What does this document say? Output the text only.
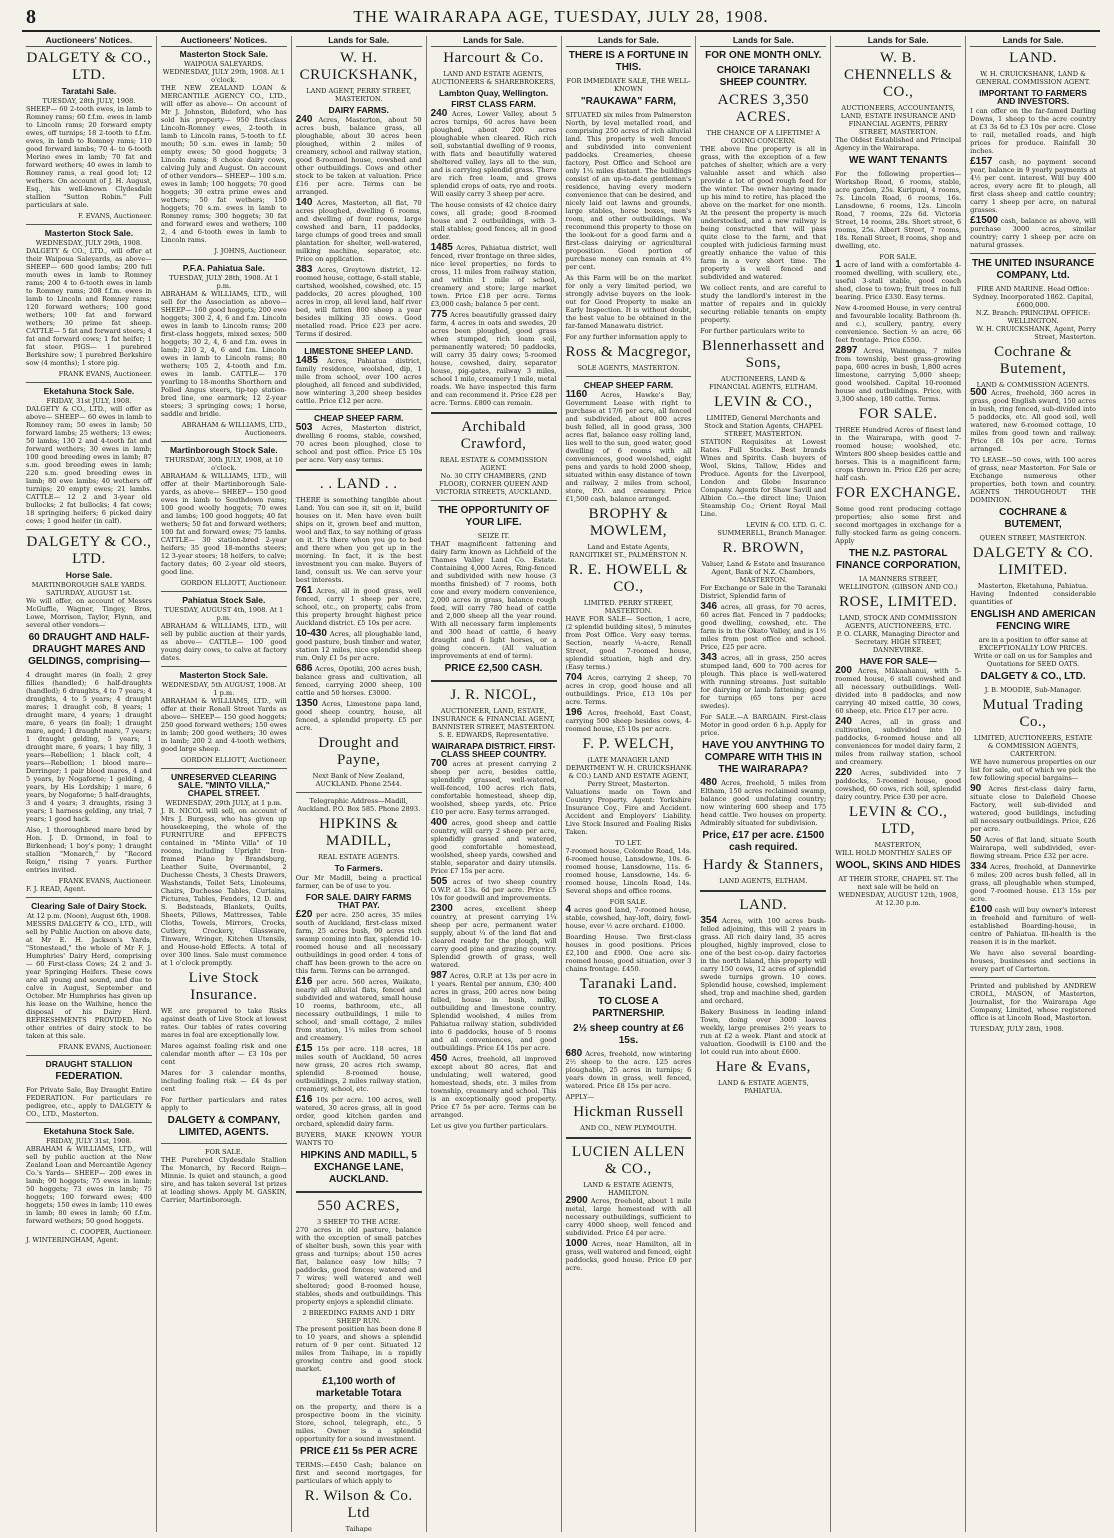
8	THE WAIRARAPA AGE, TUESDAY, JULY 28, 1908.
Auctioneers' Notices.
DALGETY & CO., LTD.
Taratahi Sale.
TUESDAY, 28th JULY, 1908.

SHEEP— 60 2-tooth ewes, in lamb to Romney rams; 60 f.f.m. ewes in lamb to Lincoln rams; 20 forward empty ewes, off turnips; 18 2-tooth to f.f.m. ewes, in lamb to Romney rams; 110 good forward lambs; 70 4- to 6-tooth Merino ewes in lamb; 70 fat and forward wethers; 40 ewes in lamb to Romney rams, a real good lot; 12 wethers. On account of J. H. August, Esq., his well-known Clydesdale stallion "Sutton Robin." Full particulars at sale.

F. EVANS, Auctioneer.
Masterton Stock Sale.
WEDNESDAY, JULY 29th, 1908.

DALGETY & CO., LTD., will offer at their Waipoua Saleyards, as above— SHEEP— 600 good lambs; 200 full mouth ewes in lamb to Romney rams; 200 4 to 6-tooth ewes in lamb to Romney rams; 208 f.f.m. ewes in lamb to Lincoln and Romney rams; 120 forward wethers; 100 good wethers; 100 fat and forward wethers; 30 prime fat sheep. CATTLE— 5 fat and forward steers; 4 fat and forward cows; 1 fat heifer; 1 fat steer. PIGS— 1 purebred Berkshire sow; 1 purebred Berkshire sow (4 months); 1 store pig.

FRANK EVANS, Auctioneer.
Eketahuna Stock Sale.
FRIDAY, 31st JULY, 1908.

DALGETY & CO., LTD., will offer as above— SHEEP— 60 ewes in lamb to Romney ram; 50 ewes in lamb; 50 forward lambs; 25 wethers; 13 ewes; 50 lambs; 130 2 and 4-tooth fat and forward wethers; 30 ewes in lamb; 100 good breeding ewes in lamb; 87 s.m. good breeding ewes in lamb; 220 s.m. good breeding ewes in lamb; 80 ewe lambs; 40 wethers off turnips; 20 empty ewes; 21 lambs. CATTLE— 12 2 and 3-year old bullocks; 2 fat bullocks; 4 fat cows; 18 springing heifers; 6 picked dairy cows; 1 good heifer (in calf).

DALGETY & CO., LTD.
Horse Sale.
MARTINBOROUGH SALE YARDS. SATURDAY, AUGUST 1st.

We will offer, on account of Messrs McGuffie, Wagner, Tingey, Bros, Lowe, Morrison, Taylor, Flynn, and several other vendors—

60 DRAUGHT AND HALF-DRAUGHT MARES AND GELDINGS, comprising—

4 draught mares (in foal); 2 grey fillies (handled); 6 half-draughts (handled); 6 draughts, 4 to 7 years; 4 draughts, 4 to 5 years; 4 draught mares; 1 draught cob, 8 years; 1 draught mare, 4 years; 1 draught mare, 6 years (in foal); 1 draught mare, aged; 1 draught mare, 7 years; 1 draught gelding, 5 years; 1 draught mare, 6 years; 1 bay filly, 3 years—Rebellion; 1 black colt, 4 years—Rebellion; 1 blood mare—Derringer; 1 pair blood mares, 4 and 5 years, by Nogaforne; 1 gelding, 4 years, by His Lordship; 1 mare, 6 years, by Nogaforne; 5 half-draughts, 3 and 4 years; 3 draughts, rising 3 years; 1 harness gelding, any trial, 7 years; 1 good hack.

Also, 1 thoroughbred mare bred by Hon. J. D. Ormond, in foal to Birkenhead; 1 boy's pony; 1 draught stallion "Monarch," by "Record Reign," rising 7 years. Further entries invited.

FRANK EVANS, Auctioneer.

F. J. READ, Agent.

Clearing Sale of Dairy Stock.
At 12 p.m. (Noon), August 6th, 1908.

MESSRS DALGETY & CO., LTD., will sell by Public Auction on above date, at Mr E. H. Jackson's Yards, "Stonestead," the whole of Mr F. J. Humphries' Dairy Herd, comprising— 60 First-class Cows; 24 2 and 3-year Springing Heifers. These cows are all young and sound, and due to calve in August, September and October. Mr Humphries has given up his lease on the Waihine, hence the disposal of his Dairy Herd. REFRESHMENTS PROVIDED. No other entries of dairy stock to be taken at this sale.

FRANK EVANS, Auctioneer.
DRAUGHT STALLION
FEDERATION.

For Private Sale, Bay Draught Entire FEDERATION. For particulars re pedigree, etc., apply to DALGETY & CO., LTD., Masterton.

Eketahuna Stock Sale.
FRIDAY, JULY 31st, 1908.

ABRAHAM & WILLIAMS, LTD., will sell by public auction at the New Zealand Loan and Mercantile Agency Co.'s Yards— SHEEP— 200 ewes in lamb; 90 hoggets; 75 ewes in lamb; 50 hoggets; 73 ewes in lamb; 75 hoggets; 100 forward ewes; 400 hoggets; 150 ewes in lamb; 110 ewes in lamb; 80 ewes in lamb; 60 f.f.m. forward wethers; 50 good hoggets.

C. COOPER, Auctioneer.

J. WINTERINGHAM, Agent.

Auctioneers' Notices.
Masterton Stock Sale.
WAIPOUA SALEYARDS. WEDNESDAY, JULY 29th, 1908. At 1 o'clock.

THE NEW ZEALAND LOAN & MERCANTILE AGENCY CO., LTD., will offer as above— On account of Mr J. Johnston, Bideford, who has sold his property— 950 first-class Lincoln-Romney ewes, 2-tooth in lamb to Lincoln rams, 5-tooth to f.f. mouth; 50 s.m. ewes in lamb; 50 empty ewes; 50 good hoggets; 3 Lincoln rams; 8 choice dairy cows, calving July and August. On account of other vendors— SHEEP— 100 s.m. ewes in lamb; 100 hoggets; 70 good hoggets; 30 extra prime ewes and wethers; 50 fat wethers; 150 hoggets; 70 s.m. ewes in lamb to Romney rams; 300 hoggets; 30 fat and forward ewes and wethers; 100 2, 4 and 6-tooth ewes in lamb to Lincoln rams.

J. JOHNS, Auctioneer.
P.F.A. Pahiatua Sale.
TUESDAY, JULY 28th, 1908. At 1 p.m.

ABRAHAM & WILLIAMS, LTD., will sell for the Association as above— SHEEP— 160 good hoggets; 200 ewe hoggets; 300 2, 4, 6 and f.m. Lincoln ewes in lamb to Lincoln rams; 200 first-class hoggets, mixed sexes; 500 hoggets; 30 2, 4, 6 and f.m. ewes in lamb; 210 2, 4, 6 and f.m. Lincoln ewes in lamb to Lincoln rams; 80 wethers; 105 2, 4-tooth and f.m. ewes in lamb. CATTLE— 170 yearling to 18-months Shorthorn and Polled Angus steers, tip-top station-bred line, one earmark; 12 2-year steers; 3 springing cows; 1 horse, saddle and bridle.

ABRAHAM & WILLIAMS, LTD., Auctioneers.
Martinborough Stock Sale.
THURSDAY, 30th JULY, 1908, at 10 o'clock.

ABRAHAM & WILLIAMS, LTD., will offer at their Martinborough Sale-yards, as above— SHEEP— 150 good ewes in lamb to Southdown rams; 100 good woolly hoggets; 70 ewes and lambs; 100 good hoggets; 40 fat wethers; 50 fat and forward wethers; 100 fat and forward ewes; 75 lambs. CATTLE— 30 station-bred 2-year heifers; 35 good 18-months steers; 12 3-year steers; 18 heifers, to calve; factory dates; 60 2-year old steers, good line.

GORDON ELLIOTT, Auctioneer.
Pahiatua Stock Sale.
TUESDAY, AUGUST 4th, 1908. At 1 p.m.

ABRAHAM & WILLIAMS, LTD., will sell by public auction at their yards, as above— CATTLE— 100 good young dairy cows, to calve at factory dates.

Masterton Stock Sale.
WEDNESDAY, 5th AUGUST, 1908. At 1 p.m.

ABRAHAM & WILLIAMS, LTD., will offer at their Renall Street Yards as above— SHEEP— 150 good hoggets; 250 good forward wethers; 150 ewes in lamb; 200 good wethers; 30 ewes in lamb; 200 2 and 4-tooth wethers, good large sheep.

GORDON ELLIOTT, Auctioneer.
UNRESERVED CLEARING SALE. "MINTO VILLA," CHAPEL STREET.
WEDNESDAY, 29th JULY, at 1 p.m.

J. R. NICOL will sell, on account of Mrs J. Burgess, who has given up housekeeping, the whole of the FURNITURE and EFFECTS contained in "Minto Villa" of 10 rooms, including Upright Iron-framed Piano by Brandsburg, Leather Suite, Overmantel, 2 Duchesse Chests, 3 Chests Drawers, Washstands, Toilet Sets, Linoleums, Chairs, Duchesse Tables, Curtains, Pictures, Tables, Fenders, 12 D. and S. Bedsteads, Blankets, Quilts, Sheets, Pillows, Mattresses, Table Cloths, Towels, Mirrors, Crocks, Cutlery, Crockery, Glassware, Tinware, Wringer, Kitchen Utensils, and House-hold Effects. A total of over 300 lines. Sale must commence at 1 o'clock promptly.

Live Stock Insurance.

WE are prepared to take Risks against death of Live Stock at lowest rates. Our tables of rates covering mares in foal are exceptionally low.

Mares against foaling risk and one calendar month after — £3 10s per cent

Mares for 3 calendar months, including foaling risk — £4 4s per cent

For further particulars and rates apply to

DALGETY & COMPANY, LIMITED, AGENTS.
FOR SALE.

THE Purebred Clydesdale Stallion The Monarch, by Record Reign—Minnie. Is quiet and staunch, a good sire, and has taken several 1st prizes at leading shows. Apply M. GASKIN, Carrier, Martinborough.

Lands for Sale.
W. H. CRUICKSHANK,
LAND AGENT, PERRY STREET, MASTERTON.
DAIRY FARMS.

240 Acres, Masterton, about 50 acres bush, balance grass, all ploughable, about 30 acres been ploughed, within 2 miles of creamery, school and railway station, good 8-roomed house, cowshed and other outbuildings. Cows and other stock to be taken at valuation. Price £16 per acre. Terms can be arranged.

140 Acres, Masterton, all flat, 70 acres ploughed, dwelling 6 rooms, and dwelling of four rooms, large cowshed and barn, 11 paddocks, large clumps of good trees and small plantation for shelter, well-watered, milking machine, separator, etc. Price on application.

383 Acres, Greytown district, 12-roomed house, cottage, 6-stall stable, cartshed, woolshed, cowshed, etc. 15 paddocks, 20 acres ploughed, 100 acres in crop, all level land, half river bed, will fatten 800 sheep a year besides milking 35 cows. Good metalled road. Price £23 per acre. Terms if desired.

LIMESTONE SHEEP LAND.

1485 Acres, Pahiatua district, family residence, woolshed, dip, 1 mile from school, over 100 acres ploughed, all fenced and subdivided, now wintering 3,200 sheep besides cattle. Price £12 per acre.

CHEAP SHEEP FARM.

503 Acres, Masterton district, dwelling 6 rooms, stable, cowshed, 70 acres been ploughed, close to school and post office. Price £5 10s per acre. Very easy terms.

. . LAND . .

THERE is something tangible about Land. You can see it, sit on it, build houses on it. Men have even built ships on it, grown beef and mutton, wool and flax, to say nothing of grass on it. It's there when you go to bed and there when you get up in the morning. In fact, it is the best investment you can make. Buyers of land, consult us. We can serve your best interests.

761 Acres, all in good grass, well fenced, carry 1 sheep per acre, school, etc., on property, cabs from this property brought highest price Auckland district. £5 10s per acre.

10-430 Acres, all ploughable land, good pasture, bush timber and water, station 12 miles, nice splendid sheep run. Only £1 5s per acre.

686 Acres, Opotiki, 200 acres bush, balance grass and cultivation, all fenced, carrying 2000 sheep, 100 cattle and 50 horses. £3000.

1350 Acres, Limestone papa land, good sheep country, house, all fenced, a splendid property. £5 per acre.

Drought and Payne,
Next Bank of New Zealand, AUCKLAND. Phone 2544.
Telegraphic Address—Madill, Auckland. P.O. Box 585. Phone 2893.
HIPKINS & MADILL,
REAL ESTATE AGENTS.
To Farmers.

Our Mr Madill, being a practical farmer, can be of use to you.

FOR SALE. DAIRY FARMS THAT PAY.

£20 per acre. 250 acres, 35 miles south of Auckland, first-class mixed farm, 25 acres bush, 90 acres rich swamp coming into flax, splendid 10-roomed house and all necessary outbuildings in good order. 4 tons of chaff has been grown to the acre on this farm. Terms can be arranged.

£16 per acre. 560 acres, Waikato, nearly all alluvial flats, fenced and subdivided and watered, small house 10 rooms, bathroom, etc., all necessary outbuildings, 1 mile to school, and small cottage, 2 miles from station, 1¼ miles from school and creamery.

£15 15s per acre. 118 acres, 18 miles south of Auckland, 50 acres new grass, 20 acres rich swamp, splendid 8-roomed house, outbuildings, 2 miles railway station, creamery, school, etc.

£16 10s per acre. 100 acres, well watered, 30 acres grass, all in good order, good kitchen garden and orchard, splendid dairy farm.

BUYERS, MAKE KNOWN YOUR WANTS TO

HIPKINS AND MADILL, 5 EXCHANGE LANE, AUCKLAND.
550 ACRES,
3 SHEEP TO THE ACRE.

270 acres in old pasture, balance with the exception of small patches of shelter bush, sown this year with grass and turnips; about 150 acres flat, balance easy low hills; 7 paddocks, good fences; watered and 7 wires; well watered and well sheltered; good 8-roomed house, stables, sheds and outbuildings. This property enjoys a splendid climate.

2 BREEDING FARMS AND 1 DRY SHEEP RUN.

The present position has been done 8 to 10 years, and shows a splendid return of 9 per cent. Situated 12 miles from Taihape, in a rapidly growing centre and good stock market.

£1,100 worth of marketable Totara

on the property, and there is a prospective boom in the vicinity. Store, school, telegraph, etc., 5 miles. Owner is a splendid opportunity for a sound investment.

PRICE £11 5s PER ACRE

TERMS:—£450 Cash; balance on first and second mortgages, for particulars of which apply to

R. Wilson & Co. Ltd
Taihape
Lands for Sale.
Harcourt & Co.
LAND AND ESTATE AGENTS, AUCTIONEERS & SHAREBROKERS,
Lambton Quay, Wellington.
FIRST CLASS FARM.

240 Acres, Lower Valley, about 5 acres turnips, 60 acres have been ploughed, about 200 acres ploughable when cleared. Rich rich soil, substantial dwelling of 9 rooms, with flats and beautifully watered sheltered valley, lays all to the sun, and is carrying splendid grass. There are rich free loam, and grows splendid crops of oats, rye and roots. Will easily carry 3 sheep per acre.

The house consists of 42 choice dairy cows, all grade; good 8-roomed house and 2 outbuildings, with 3-stall stables; good fences, all in good order.

1485 Acres, Pahiatua district, well fenced, river frontage on three sides, nice level properties, no fords to cross, 11 miles from railway station, and within 1 mile of school, creamery and store; large market town. Price £18 per acre. Terms £3,000 cash; balance 5 per cent.

775 Acres beautifully grassed dairy farm, 4 acres in oats and swedes, 20 acres been ploughed, good grass when stumped, rich loam soil, permanently watered; 50 paddocks, will carry 35 dairy cows; 5-roomed house, cowshed, dairy, separator house, pig-gates, railway 3 miles, school 1 mile, creamery 1 mile, metal roads. We have inspected this farm and can recommend it. Price £28 per acre. Terms. £800 can remain.

Archibald Crawford,
REAL ESTATE & COMMISSION AGENT.
No. 30 CITY CHAMBERS, (2ND FLOOR), CORNER QUEEN AND VICTORIA STREETS, AUCKLAND.
THE OPPORTUNITY OF YOUR LIFE.
SEIZE IT.

THAT magnificent fattening and dairy farm known as Lichfield of the Thames Valley Land Co. Estate. Containing 4,000 Acres, Ring-fenced and subdivided with new house (3 months finished) of 7 rooms, both cow and every modern convenience, 2,000 acres in grass, balance rough feed, will carry 780 head of cattle and 2,000 sheep all the year round. With all necessary farm implements and 300 head of cattle, 6 heavy draught and 6 light horses, or a going concern. (All valuation improvements at end of term).

PRICE £2,500 CASH.
J. R. NICOL,
AUCTIONEER, LAND, ESTATE, INSURANCE & FINANCIAL AGENT, BANNISTER STREET, MASTERTON.
S. E. EDWARDS, Representative.
WAIRARAPA DISTRICT. FIRST-CLASS SHEEP COUNTRY.

700 acres at present carrying 2 sheep per acre, besides cattle, splendidly grassed, well-watered, well-fenced, 100 acres rich flats, comfortable homestead, sheep dip, woolshed, sheep yards, etc. Price £10 per acre. Easy terms arranged.

400 acres, good sheep and cattle country, will carry 2 sheep per acre, splendidly grassed and watered, good comfortable homestead, woolshed, sheep yards, cowshed and stable, separator and dairy utensils. Price £7 15s per acre.

505 acres of two sheep country O.W.P. at 13s. 6d per acre. Price £5 10s for goodwill and improvements.

2300 acres, excellent sheep country, at present carrying 1¼ sheep per acre, permanent water supply, about ¼ of the land flat and cleared ready for the plough, will carry good pine and grazing country. Splendid growth of grass, well watered.

987 Acres, O.R.P. at 13s per acre in 1 years. Rental per annum, £30; 400 acres in grass, 200 acres now being felled, house in bush, milky, outbuilding and limestone country. Splendid woolshed, 4 miles from Pahiatua railway station, subdivided into 6 paddocks, house of 5 rooms and all conveniences, and good outbuildings. Price £4 15s per acre.

450 Acres, freehold, all improved except about 80 acres, flat and undulating, well watered, good homestead, sheds, etc. 3 miles from township, creamery and school. This is an exceptionally good property. Price £7 5s per acre. Terms can be arranged.

Let us give you further particulars.

Lands for Sale.
THERE IS A FORTUNE IN THIS.
FOR IMMEDIATE SALE, THE WELL-KNOWN
"RAUKAWA" FARM,

SITUATED six miles from Palmerston North, by level metalled road, and comprising 250 acres of rich alluvial land. This property is well fenced and subdivided into convenient paddocks. Creameries, cheese factory, Post Office and School are only 1¼ miles distant. The buildings consist of an up-to-date gentleman's residence, having every modern convenience that can be desired, and nicely laid out lawns and grounds, large stables, horse boxes, men's room, and other outbuildings. We recommend this property to those on the look-out for a good farm and a first-class dairying or agricultural proposition. Good portion of purchase money can remain at 4½ per cent.

As this Farm will be on the market for only a very limited period, we strongly advise buyers on the look-out for Good Property to make an Early Inspection. It is without doubt, the best value to be obtained in the far-famed Manawatu district.

For any further information apply to

Ross & Macgregor,
SOLE AGENTS, MASTERTON.
CHEAP SHEEP FARM.

1160 Acres, Hawke's Bay, Government Lease with right to purchase at 17/6 per acre, all fenced and subdivided, about 800 acres bush felled, all in good grass, 300 acres flat, balance easy rolling land, lies well to the sun, good water, good dwelling of 6 rooms with all conveniences, good woolshed, eight pens and yards to hold 2000 sheep, situated within easy distance of town and railway, 2 miles from school, store, P.O. and creamery. Price £1,500 cash, balance arranged.

BROPHY & MOWLEM,
Land and Estate Agents, RANGITIKEI ST., PALMERSTON N.
R. E. HOWELL & CO.,
LIMITED. PERRY STREET, MASTERTON.

HAVE FOR SALE— Section, 1 acre, (2 splendid building sites), 5 minutes from Post Office. Very easy terms. Section, nearly ¼-acre, Renall Street, good 7-roomed house, splendid situation, high and dry. (Easy terms.)

704 Acres, carrying 2 sheep, 70 acres in crop, good house and all outbuildings. Price, £13 10s per acre. Terms.

196 Acres, freehold, East Coast, carrying 500 sheep besides cows, 4-roomed house, £5 10s per acre.

F. P. WELCH,
(LATE MANAGER LAND DEPARTMENT W. H. CRUICKSHANK & CO.) LAND AND ESTATE AGENT, Perry Street, Masterton.

Valuations made on Town and Country Property. Agent: Yorkshire Insurance Coy., Fire and Accident. Accident and Employers' Liability. Live Stock Insured and Foaling Risks Taken.

TO LET.

7-roomed house, Colombo Road, 14s. 6-roomed house, Lansdowne, 10s. 6-roomed house, Lansdowne, 11s. 6-roomed house, Lansdowne, 14s. 6-roomed house, Lincoln Road, 14s. Several shops and office rooms.

FOR SALE.

4 acres good land, 7-roomed house, stable, cowshed, hay-loft, dairy, fowl-house, ever ½ acre orchard. £1000.

Boarding House. Two first-class houses in good positions. Prices £2,100 and £900. One acre six-roomed house, good situation, over 3 chains frontage. £450.

Taranaki Land.
TO CLOSE A PARTNERSHIP.
2½ sheep country at £6 15s.

680 Acres, freehold, now wintering 2½ sheep to the acre. 125 acres ploughable, 25 acres in turnips; 6 years down in grass, well fenced, watered. Price £8 15s per acre.

APPLY—

Hickman Russell
AND CO., NEW PLYMOUTH.
LUCIEN ALLEN & CO.,
LAND & ESTATE AGENTS, HAMILTON.

2900 Acres, freehold, about 1 mile metal, large homestead with all necessary outbuildings, sufficient to carry 4000 sheep, well fenced and subdivided. Price £4 per acre.

1000 Acres, near Hamilton, all in grass, well watered and fenced, eight paddocks, good house. Price £9 per acre.

Lands for Sale.
FOR ONE MONTH ONLY.
CHOICE TARANAKI SHEEP COUNTRY.
ACRES 3,350 ACRES.
THE CHANCE OF A LIFETIME! A GOING CONCERN.

THE above fine property is all in grass, with the exception of a few patches of shelter, which are a very valuable asset and which also provide a lot of good rough feed for the winter. The owner having made up his mind to retire, has placed the above on the market for one month. At the present the property is much understocked, and a new railway is being constructed that will pass quite close to the farm, and that coupled with judicious farming must greatly enhance the value of this farm in a very short time. The property is well fenced and subdivided and watered.

We collect rents, and are careful to study the landlord's interest in the matter of repairs and in quickly securing reliable tenants on empty property.

For further particulars write to

Blennerhassett and Sons,
AUCTIONEERS, LAND & FINANCIAL AGENTS, ELTHAM.
LEVIN & CO.,
LIMITED, General Merchants and Stock and Station Agents, CHAPEL STREET, MASTERTON.

STATION Requisites at Lowest Rates. Full Stocks. Best brands Wines and Spirits. Cash buyers of Wool, Skins, Tallow, Hides and Produce. Agents for the Liverpool, London and Globe Insurance Company. Agents for Shaw Savill and Albion Co.—the direct line; Union Steamship Co.; Orient Royal Mail Line.

LEVIN & CO. LTD. G. C. SUMMERELL, Branch Manager.
R. BROWN,
Valuer, Land & Estate and Insurance Agent, Bank of N.Z. Chambers, MASTERTON.

For Exchange or Sale in the Taranaki District, Splendid farm of

346 acres, all grass, for 70 acres, 60 acres flat. Fenced in 7 paddocks; good dwelling, cowshed, etc. The farm is in the Okato Valley, and is 1½ miles from post office and school. Price, £25 per acre.

343 acres, all in grass, 250 acres stumped land, 600 to 700 acres for plough. This place is well-watered with running streams. Just suitable for dairying or lamb fattening; good for turnips (65 tons per acre swedes).

For SALE.—A BARGAIN. First-class Motor in good order. 6 h.p. Apply for price.

HAVE YOU ANYTHING TO COMPARE WITH THIS IN THE WAIRARAPA?

480 Acres, freehold, 5 miles from Eltham, 150 acres reclaimed swamp, balance good undulating country; now wintering 600 sheep and 175 head cattle. Two houses on property. Admirably situated for subdivision.

Price, £17 per acre. £1500 cash required.
Hardy & Stanners,
LAND AGENTS, ELTHAM.
LAND.

354 Acres, with 100 acres bush-felled adjoining, this will 2 years in grass. All rich dairy land, 35 acres ploughed, highly improved, close to one of the best co-op. dairy factories in the north Island, this property will carry 150 cows, 12 acres of splendid swede turnips grown. 10 cows. Splendid house, cowshed, implement shed, trap and machine shed, garden and orchard.

Bakery Business in leading inland Town, doing over 3000 loaves weekly, large premises 2½ years to run at £2 a week. Plant and stock at valuation. Goodwill is £100 and the lot could run into about £600.

Hare & Evans,
LAND & ESTATE AGENTS, PAHIATUA.
Lands for Sale.
W. B. CHENNELLS & CO.,
AUCTIONEERS, ACCOUNTANTS, LAND, ESTATE INSURANCE AND FINANCIAL AGENTS, PERRY STREET, MASTERTON.

The Oldest Established and Principal Agency in the Wairarapa.

WE WANT TENANTS

For the following properties— Workshop Road, 6 rooms, stable, acre garden, 25s. Kuripuni, 4 rooms, 7s. Lincoln Road, 6 rooms, 16s. Lansdowne, 6 rooms, 12s. Lincoln Road, 7 rooms, 22s 6d. Victoria Street, 14 rooms, 28s. Short street, 6 rooms, 25s. Albert Street, 7 rooms, 18s. Renall Street, 8 rooms, shop and dwelling, etc.

FOR SALE.

1 acre of land with a comfortable 4-roomed dwelling, with scullery, etc., useful 3-stall stable, good coach shed, close to town; fruit trees in full bearing. Price £330. Easy terms.

New 4-roomed House, in very central and favourable locality. Bathroom (h. and c.), scullery, pantry, every convenience. Section ½ an acre, 66 feet frontage. Price £550.

2897 Acres, Waimenga, 7 miles from township, best grass-growing papa, 600 acres in bush, 1,800 acres limestone, carrying 5,000 sheep; good woolshed. Capital 10-roomed house and outbuildings. Price, with 3,300 sheep, 180 cattle. Terms.

FOR SALE.

THREE Hundred Acres of finest land in the Wairarapa, with good 7-roomed house; woolshed, etc. Winters 800 sheep besides cattle and horses. This is a magnificent farm; crops thrown in. Price £26 per acre; half cash.

FOR EXCHANGE.

Some good rent producing cottage properties; also some first and second mortgages in exchange for a fully stocked farm as going concern. Apply

THE N.Z. PASTORAL FINANCE CORPORATION,
1A MANNERS STREET, WELLINGTON. (GIBSON AND CO.)
ROSE, LIMITED.
LAND, STOCK AND COMMISSION AGENTS, AUCTIONEERS, ETC.
P. O. CLARK, Managing Director and Secretary. HIGH STREET, DANNEVIRKE.
HAVE FOR SALE—

200 Acres, Mākaahanui, with 5-roomed house, 6 stall cowshed and all necessary outbuildings. Well-divided into 8 paddocks, and now carrying 40 mixed cattle, 30 cows, 60 sheep, etc. Price £17 per acre.

240 Acres, all in grass and cultivation, subdivided into 10 paddocks, 6-roomed house and all conveniences for model dairy farm, 2 miles from railway station, school and creamery.

220 Acres, subdivided into 7 paddocks, 5-roomed house, good cowshed, 60 cows, rich soil, splendid dairy country. Price £30 per acre.

LEVIN & CO., LTD,
MASTERTON,

WILL HOLD MONTHLY SALES OF

WOOL, SKINS AND HIDES
AT THEIR STORE, CHAPEL ST. The next sale will be held on WEDNESDAY, AUGUST 12th, 1908, At 12.30 p.m.
Lands for Sale.
LAND.
W. H. CRUICKSHANK, LAND & GENERAL COMMISSION AGENT.
IMPORTANT TO FARMERS AND INVESTORS.

I can offer on the far-famed Darling Downs, 1 sheep to the acre country at £3 3s 6d to £3 10s per acre. Close to rail, metalled roads, and high prices for produce. Rainfall 30 inches.

£157 cash, no payment second year, balance in 9 yearly payments at 4½ per cent. interest. Will buy 400 acres, every acre fit to plough, all first class sheep and cattle country; carry 1 sheep per acre, on natural grasses.

£1500 cash, balance as above, will purchase 3000 acres, similar country; carry 1 sheep per acre on natural grasses.

THE UNITED INSURANCE COMPANY, Ltd.
FIRE AND MARINE. Head Office: Sydney. Incorporated 1862. Capital, £600,000.
N.Z. Branch: PRINCIPAL OFFICE: WELLINGTON.
W. H. CRUICKSHANK, Agent, Perry Street, Masterton.
Cochrane & Butement,
LAND & COMMISSION AGENTS.

500 Acres, freehold, 360 acres in grass, good English sward, 150 acres in bush, ring fenced, sub-divided into 5 paddocks, etc. All good soil, well watered, new 6-roomed cottage, 10 miles from good town and railway. Price £8 10s per acre. Terms arranged.

TO LEASE—50 cows, with 100 acres of grass, near Masterton. For Sale or Exchange numerous other properties, both town and country. AGENTS THROUGHOUT THE DOMINION.

COCHRANE & BUTEMENT,
QUEEN STREET, MASTERTON.
DALGETY & CO. LIMITED.
Masterton, Eketahuna, Pahiatua.

Having Indented considerable quantities of

ENGLISH AND AMERICAN FENCING WIRE
are in a position to offer same at EXCEPTIONALLY LOW PRICES.
Write or call on us for Samples and Quotations for SEED OATS.
DALGETY & CO., LTD.
J. B. MOODIE, Sub-Manager.
Mutual Trading Co.,
LIMITED, AUCTIONEERS, ESTATE & COMMISSION AGENTS, CARTERTON.

WE have numerous properties on our list for sale, out of which we pick the few following special bargains—

90 Acres first-class dairy farm, situate close to Dalefield Cheese Factory, well sub-divided and watered, good buildings, including all necessary outbuildings. Price, £26 per acre.

50 Acres of flat land, situate South Wairarapa, well subdivided, ever-flowing stream. Price £32 per acre.

334 Acres, freehold, at Dannevirke 6 miles; 200 acres bush felled, all in grass, all ploughable when stumped, good 7-roomed house. £13 15s per acre.

£100 cash will buy owner's interest in freehold and furniture of well-established Boarding-house, in centre of Pahiatua. Ill-health is the reason it is in the market.

We have also several boarding-houses, businesses and sections in every part of Carterton.

Printed and published by ANDREW CROLL, MASON, of Masterton, Journalist, for the Wairarapa Age Company, Limited, whose registered office is at Lincoln Road, Masterton.

TUESDAY, JULY 28th, 1908.
